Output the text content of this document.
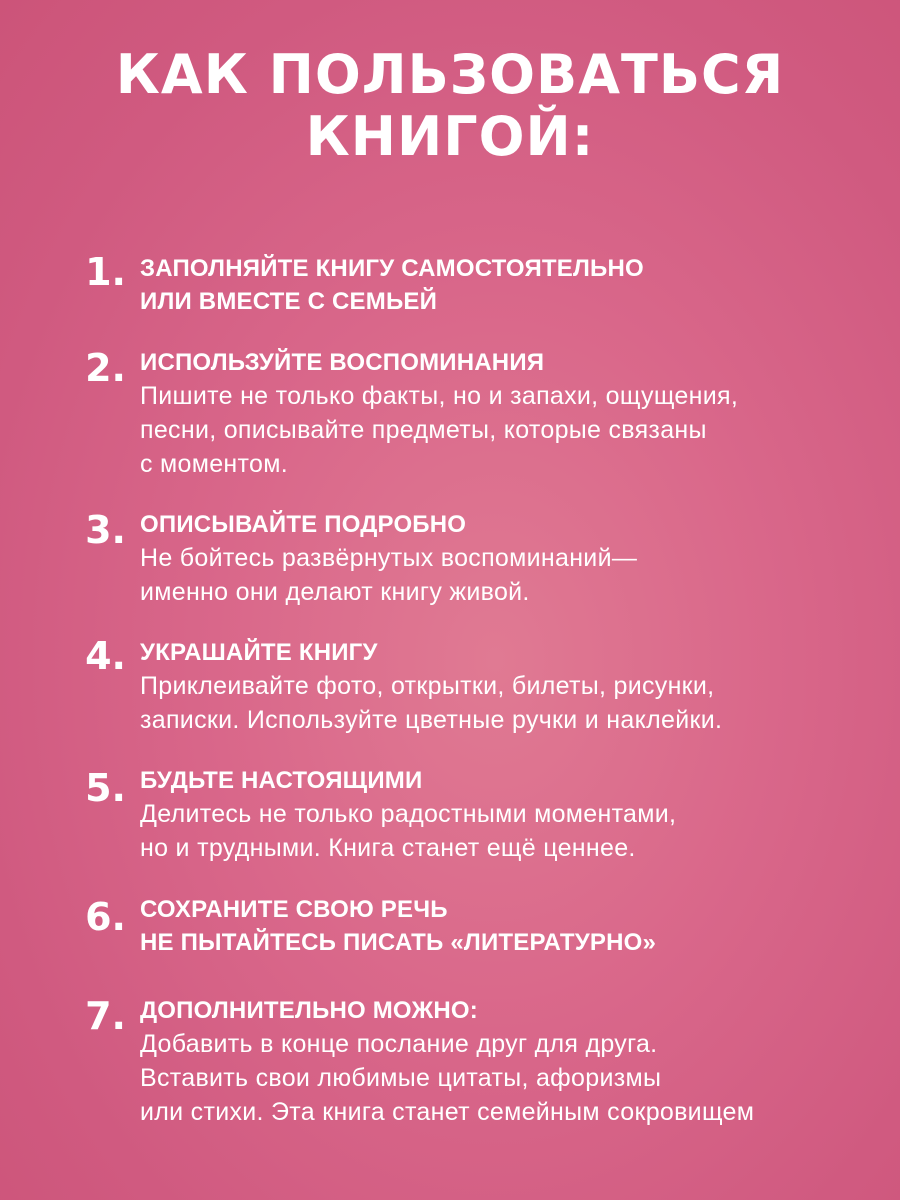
КАК ПОЛЬЗОВАТЬСЯ
КНИГОЙ:
1. ЗАПОЛНЯЙТЕ КНИГУ САМОСТОЯТЕЛЬНО
ИЛИ ВМЕСТЕ С СЕМЬЕЙ
2. ИСПОЛЬЗУЙТЕ ВОСПОМИНАНИЯ
Пишите не только факты, но и запахи, ощущения,
песни, описывайте предметы, которые связаны
с моментом.
3. ОПИСЫВАЙТЕ ПОДРОБНО
Не бойтесь развёрнутых воспоминаний—
именно они делают книгу живой.
4. УКРАШАЙТЕ КНИГУ
Приклеивайте фото, открытки, билеты, рисунки,
записки. Используйте цветные ручки и наклейки.
5. БУДЬТЕ НАСТОЯЩИМИ
Делитесь не только радостными моментами,
но и трудными. Книга станет ещё ценнее.
6. СОХРАНИТЕ СВОЮ РЕЧЬ
НЕ ПЫТАЙТЕСЬ ПИСАТЬ «ЛИТЕРАТУРНО»
7. ДОПОЛНИТЕЛЬНО МОЖНО:
Добавить в конце послание друг для друга.
Вставить свои любимые цитаты, афоризмы
или стихи. Эта книга станет семейным сокровищем
